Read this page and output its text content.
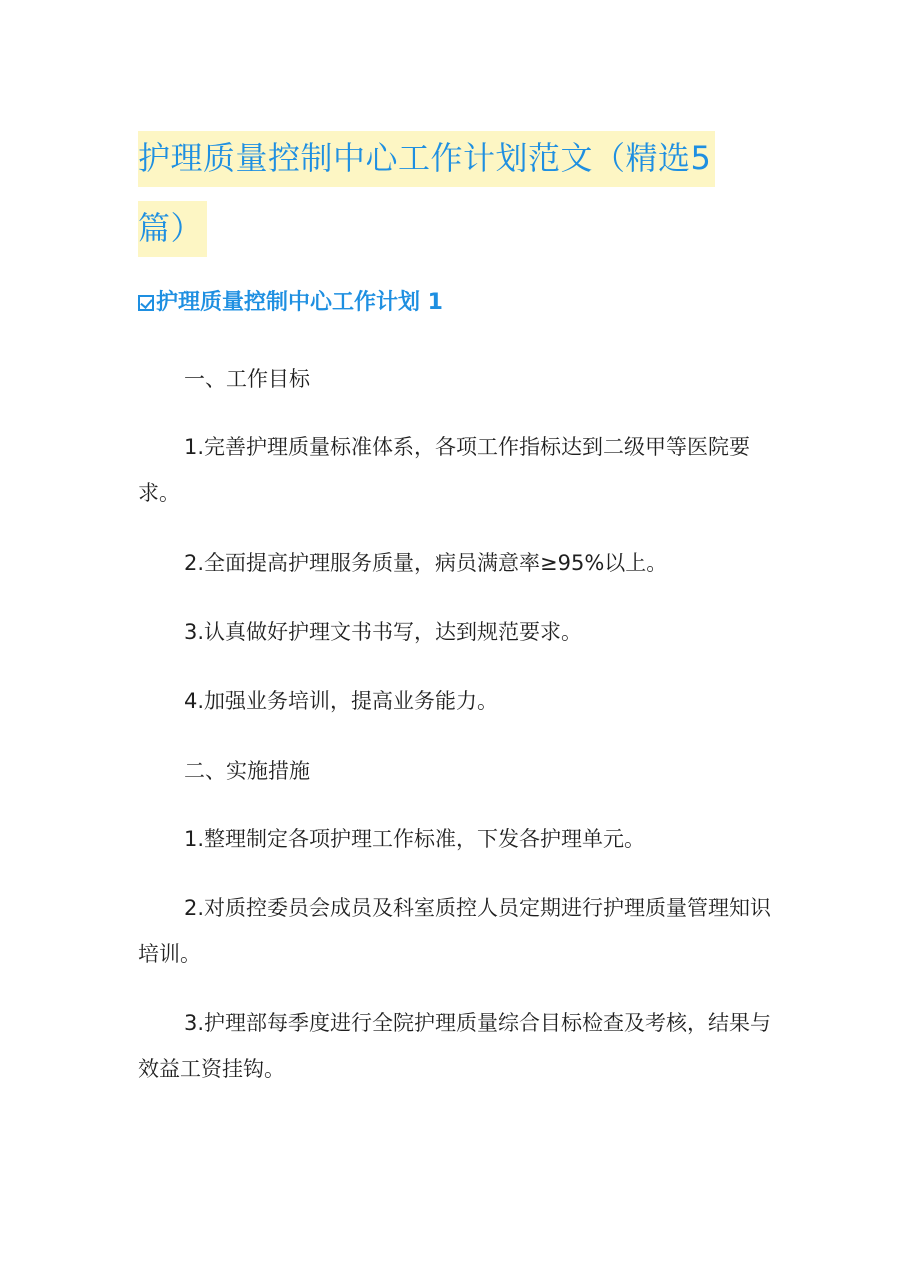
护理质量控制中心工作计划范文（精选5
篇）
护理质量控制中心工作计划 1

一、工作目标

1.完善护理质量标准体系，各项工作指标达到二级甲等医院要求。

2.全面提高护理服务质量，病员满意率≥95%以上。

3.认真做好护理文书书写，达到规范要求。

4.加强业务培训，提高业务能力。

二、实施措施

1.整理制定各项护理工作标准，下发各护理单元。

2.对质控委员会成员及科室质控人员定期进行护理质量管理知识培训。

3.护理部每季度进行全院护理质量综合目标检查及考核，结果与效益工资挂钩。
